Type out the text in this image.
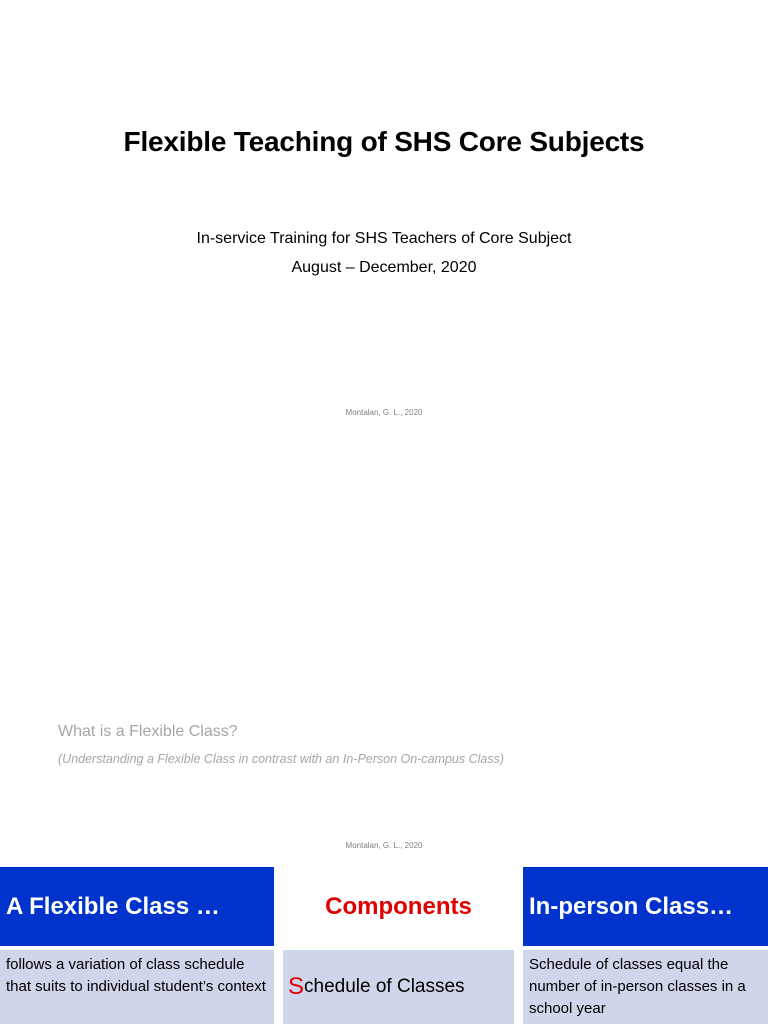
Flexible Teaching of SHS Core Subjects
In-service Training for SHS Teachers of Core Subject
August – December, 2020
Montalan, G. L., 2020
What is a Flexible Class?
(Understanding a Flexible Class in contrast with an In-Person On-campus Class)
Montalan, G. L., 2020
A Flexible Class …	Components	In-person Class…
follows a variation of class schedule that suits to individual student’s context S chedule of Classes
Schedule of classes equal the number of in-person classes in a school year
